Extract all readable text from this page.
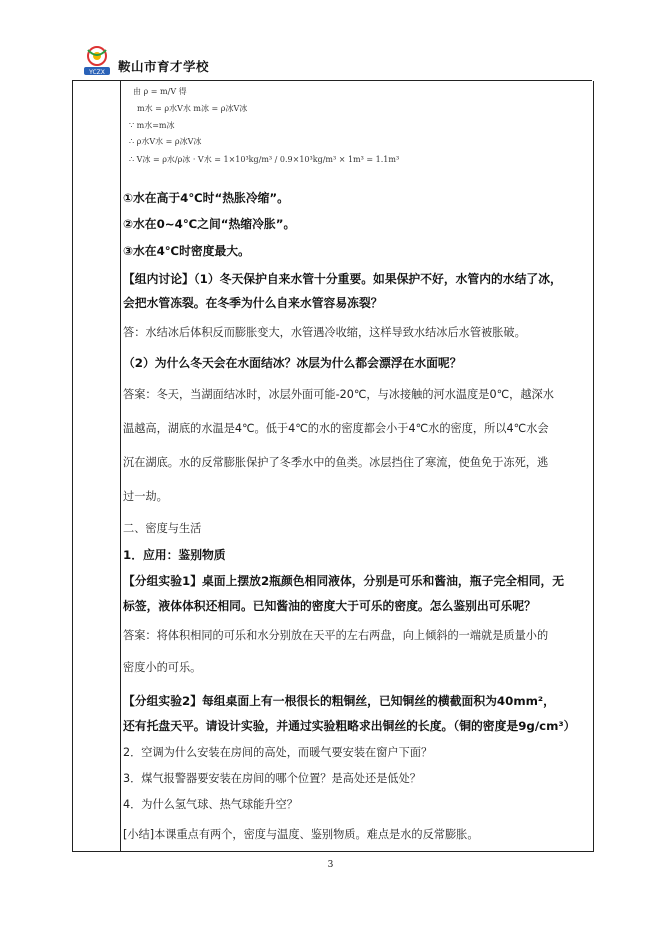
YCZX 鞍山市育才学校
由 ρ = m/V 得
m水 = ρ水V水 m冰 = ρ冰V冰
∵ m水=m冰
∴ ρ水V水 = ρ冰V冰
∴ V冰 = ρ水/ρ冰 · V水 = 1×10³kg/m³ / 0.9×10³kg/m³ × 1m³ = 1.1m³
①水在高于4℃时“热胀冷缩”。
②水在0~4℃之间“热缩冷胀”。
③水在4℃时密度最大。
【组内讨论】（1）冬天保护自来水管十分重要。如果保护不好，水管内的水结了冰，
会把水管冻裂。在冬季为什么自来水管容易冻裂？
答：水结冰后体积反而膨胀变大，水管遇冷收缩，这样导致水结冰后水管被胀破。
（2）为什么冬天会在水面结冰？冰层为什么都会漂浮在水面呢？
答案：冬天，当湖面结冰时，冰层外面可能-20℃，与冰接触的河水温度是0℃，越深水
温越高，湖底的水温是4℃。低于4℃的水的密度都会小于4℃水的密度，所以4℃水会
沉在湖底。水的反常膨胀保护了冬季水中的鱼类。冰层挡住了寒流，使鱼免于冻死，逃
过一劫。
二、密度与生活
1．应用：鉴别物质
【分组实验1】桌面上摆放2瓶颜色相同液体，分别是可乐和酱油，瓶子完全相同，无
标签，液体体积还相同。已知酱油的密度大于可乐的密度。怎么鉴别出可乐呢？
答案：将体积相同的可乐和水分别放在天平的左右两盘，向上倾斜的一端就是质量小的
密度小的可乐。
【分组实验2】每组桌面上有一根很长的粗铜丝，已知铜丝的横截面积为40mm²，
还有托盘天平。请设计实验，并通过实验粗略求出铜丝的长度。（铜的密度是9g/cm³）
2．空调为什么安装在房间的高处，而暖气要安装在窗户下面？
3．煤气报警器要安装在房间的哪个位置？是高处还是低处？
4．为什么氢气球、热气球能升空？
[小结]本课重点有两个，密度与温度、鉴别物质。难点是水的反常膨胀。
3
